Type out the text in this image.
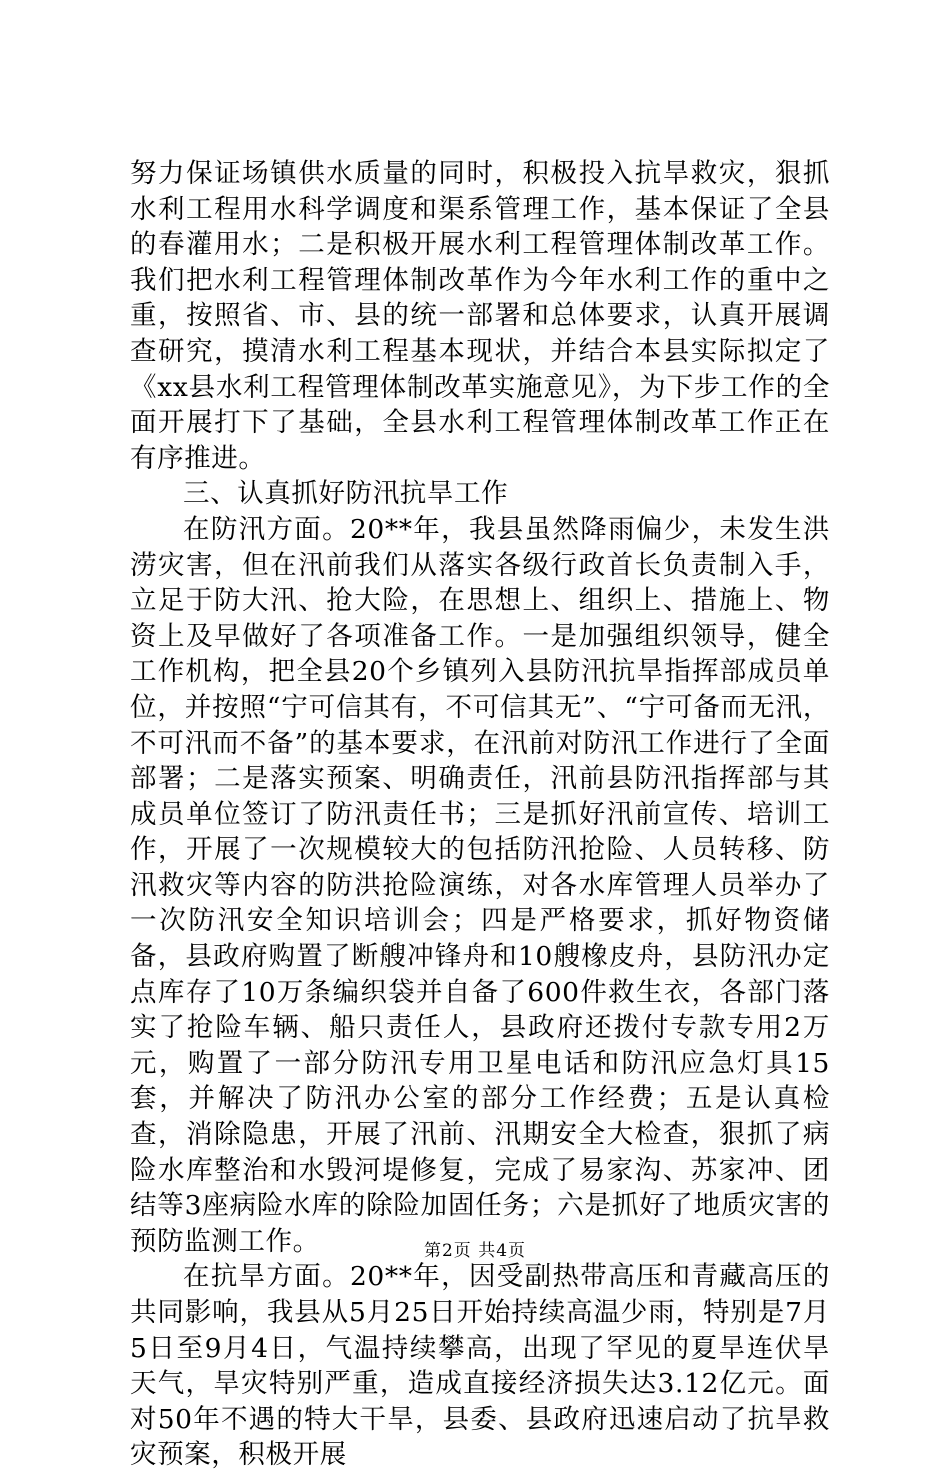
努力保证场镇供水质量的同时，积极投入抗旱救灾，狠抓水利工程用水科学调度和渠系管理工作，基本保证了全县的春灌用水；二是积极开展水利工程管理体制改革工作。我们把水利工程管理体制改革作为今年水利工作的重中之重，按照省、市、县的统一部署和总体要求，认真开展调查研究，摸清水利工程基本现状，并结合本县实际拟定了《xx县水利工程管理体制改革实施意见》，为下步工作的全面开展打下了基础，全县水利工程管理体制改革工作正在有序推进。

三、认真抓好防汛抗旱工作

在防汛方面。20**年，我县虽然降雨偏少，未发生洪涝灾害，但在汛前我们从落实各级行政首长负责制入手，立足于防大汛、抢大险，在思想上、组织上、措施上、物资上及早做好了各项准备工作。一是加强组织领导，健全工作机构，把全县20个乡镇列入县防汛抗旱指挥部成员单位，并按照“宁可信其有，不可信其无”、“宁可备而无汛，不可汛而不备”的基本要求，在汛前对防汛工作进行了全面部署；二是落实预案、明确责任，汛前县防汛指挥部与其成员单位签订了防汛责任书；三是抓好汛前宣传、培训工作，开展了一次规模较大的包括防汛抢险、人员转移、防汛救灾等内容的防洪抢险演练，对各水库管理人员举办了一次防汛安全知识培训会；四是严格要求，抓好物资储备，县政府购置了断艘冲锋舟和10艘橡皮舟，县防汛办定点库存了10万条编织袋并自备了600件救生衣，各部门落实了抢险车辆、船只责任人，县政府还拨付专款专用2万元，购置了一部分防汛专用卫星电话和防汛应急灯具15套，并解决了防汛办公室的部分工作经费；五是认真检查，消除隐患，开展了汛前、汛期安全大检查，狠抓了病险水库整治和水毁河堤修复，完成了易家沟、苏家冲、团结等3座病险水库的除险加固任务；六是抓好了地质灾害的预防监测工作。

在抗旱方面。20**年，因受副热带高压和青藏高压的共同影响，我县从5月25日开始持续高温少雨，特别是7月5日至9月4日，气温持续攀高，出现了罕见的夏旱连伏旱天气，旱灾特别严重，造成直接经济损失达3.12亿元。面对50年不遇的特大干旱，县委、县政府迅速启动了抗旱救灾预案，积极开展

第2页 共4页
